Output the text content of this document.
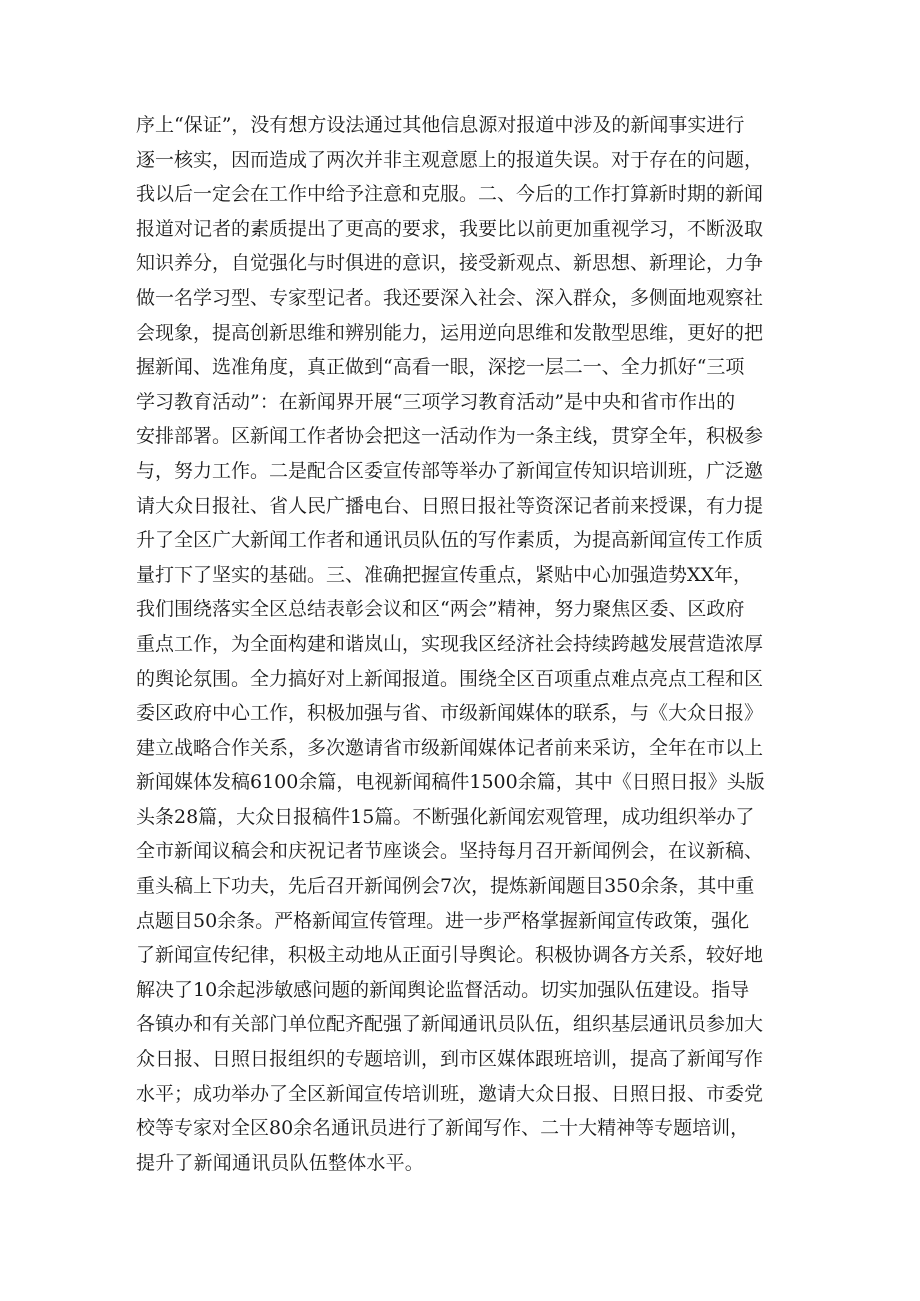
序上“保证”，没有想方设法通过其他信息源对报道中涉及的新闻事实进行
逐一核实，因而造成了两次并非主观意愿上的报道失误。对于存在的问题，
我以后一定会在工作中给予注意和克服。二、今后的工作打算新时期的新闻
报道对记者的素质提出了更高的要求，我要比以前更加重视学习，不断汲取
知识养分，自觉强化与时俱进的意识，接受新观点、新思想、新理论，力争
做一名学习型、专家型记者。我还要深入社会、深入群众，多侧面地观察社
会现象，提高创新思维和辨别能力，运用逆向思维和发散型思维，更好的把
握新闻、选准角度，真正做到“高看一眼，深挖一层二一、全力抓好“三项
学习教育活动”：在新闻界开展“三项学习教育活动”是中央和省市作出的
安排部署。区新闻工作者协会把这一活动作为一条主线，贯穿全年，积极参
与，努力工作。二是配合区委宣传部等举办了新闻宣传知识培训班，广泛邀
请大众日报社、省人民广播电台、日照日报社等资深记者前来授课，有力提
升了全区广大新闻工作者和通讯员队伍的写作素质，为提高新闻宣传工作质
量打下了坚实的基础。三、准确把握宣传重点，紧贴中心加强造势XX年，
我们围绕落实全区总结表彰会议和区“两会”精神，努力聚焦区委、区政府
重点工作，为全面构建和谐岚山，实现我区经济社会持续跨越发展营造浓厚
的舆论氛围。全力搞好对上新闻报道。围绕全区百项重点难点亮点工程和区
委区政府中心工作，积极加强与省、市级新闻媒体的联系，与《大众日报》
建立战略合作关系，多次邀请省市级新闻媒体记者前来采访，全年在市以上
新闻媒体发稿6100余篇，电视新闻稿件1500余篇，其中《日照日报》头版
头条28篇，大众日报稿件15篇。不断强化新闻宏观管理，成功组织举办了
全市新闻议稿会和庆祝记者节座谈会。坚持每月召开新闻例会，在议新稿、
重头稿上下功夫，先后召开新闻例会7次，提炼新闻题目350余条，其中重
点题目50余条。严格新闻宣传管理。进一步严格掌握新闻宣传政策，强化
了新闻宣传纪律，积极主动地从正面引导舆论。积极协调各方关系，较好地
解决了10余起涉敏感问题的新闻舆论监督活动。切实加强队伍建设。指导
各镇办和有关部门单位配齐配强了新闻通讯员队伍，组织基层通讯员参加大
众日报、日照日报组织的专题培训，到市区媒体跟班培训，提高了新闻写作
水平；成功举办了全区新闻宣传培训班，邀请大众日报、日照日报、市委党
校等专家对全区80余名通讯员进行了新闻写作、二十大精神等专题培训，
提升了新闻通讯员队伍整体水平。
